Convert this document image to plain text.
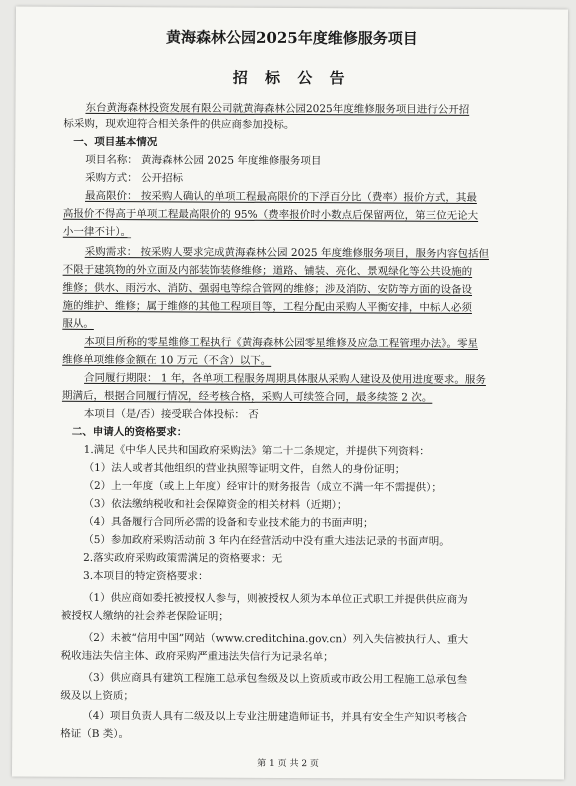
黄海森林公园2025年度维修服务项目
招 标 公 告
东台黄海森林投资发展有限公司就黄海森林公园2025年度维修服务项目进行公开招
标采购，现欢迎符合相关条件的供应商参加投标。
一、项目基本情况
项目名称： 黄海森林公园 2025 年度维修服务项目
采购方式： 公开招标
最高限价： 按采购人确认的单项工程最高限价的下浮百分比（费率）报价方式，其最
高报价不得高于单项工程最高限价的 95%（费率报价时小数点后保留两位，第三位无论大
小一律不计）。
采购需求： 按采购人要求完成黄海森林公园 2025 年度维修服务项目，服务内容包括但
不限于建筑物的外立面及内部装饰装修维修；道路、铺装、亮化、景观绿化等公共设施的
维修；供水、雨污水、消防、强弱电等综合管网的维修；涉及消防、安防等方面的设备设
施的维护、维修；属于维修的其他工程项目等，工程分配由采购人平衡安排，中标人必须
服从。
本项目所称的零星维修工程执行《黄海森林公园零星维修及应急工程管理办法》。零星
维修单项维修金额在 10 万元（不含）以下。
合同履行期限： 1 年，各单项工程服务周期具体服从采购人建设及使用进度要求。服务
期满后，根据合同履行情况，经考核合格，采购人可续签合同，最多续签 2 次。
本项目（是/否）接受联合体投标： 否
二、申请人的资格要求：
1.满足《中华人民共和国政府采购法》第二十二条规定，并提供下列资料：
（1）法人或者其他组织的营业执照等证明文件，自然人的身份证明；
（2）上一年度（或上上年度）经审计的财务报告（成立不满一年不需提供）；
（3）依法缴纳税收和社会保障资金的相关材料（近期）；
（4）具备履行合同所必需的设备和专业技术能力的书面声明；
（5）参加政府采购活动前 3 年内在经营活动中没有重大违法记录的书面声明。
2.落实政府采购政策需满足的资格要求：无
3.本项目的特定资格要求：
（1）供应商如委托被授权人参与，则被授权人须为本单位正式职工并提供供应商为
被授权人缴纳的社会养老保险证明；
（2）未被“信用中国”网站（www.creditchina.gov.cn）列入失信被执行人、重大
税收违法失信主体、政府采购严重违法失信行为记录名单；
（3）供应商具有建筑工程施工总承包叁级及以上资质或市政公用工程施工总承包叁
级及以上资质；
（4）项目负责人具有二级及以上专业注册建造师证书，并具有安全生产知识考核合
格证（B 类）。
第 1 页 共 2 页
